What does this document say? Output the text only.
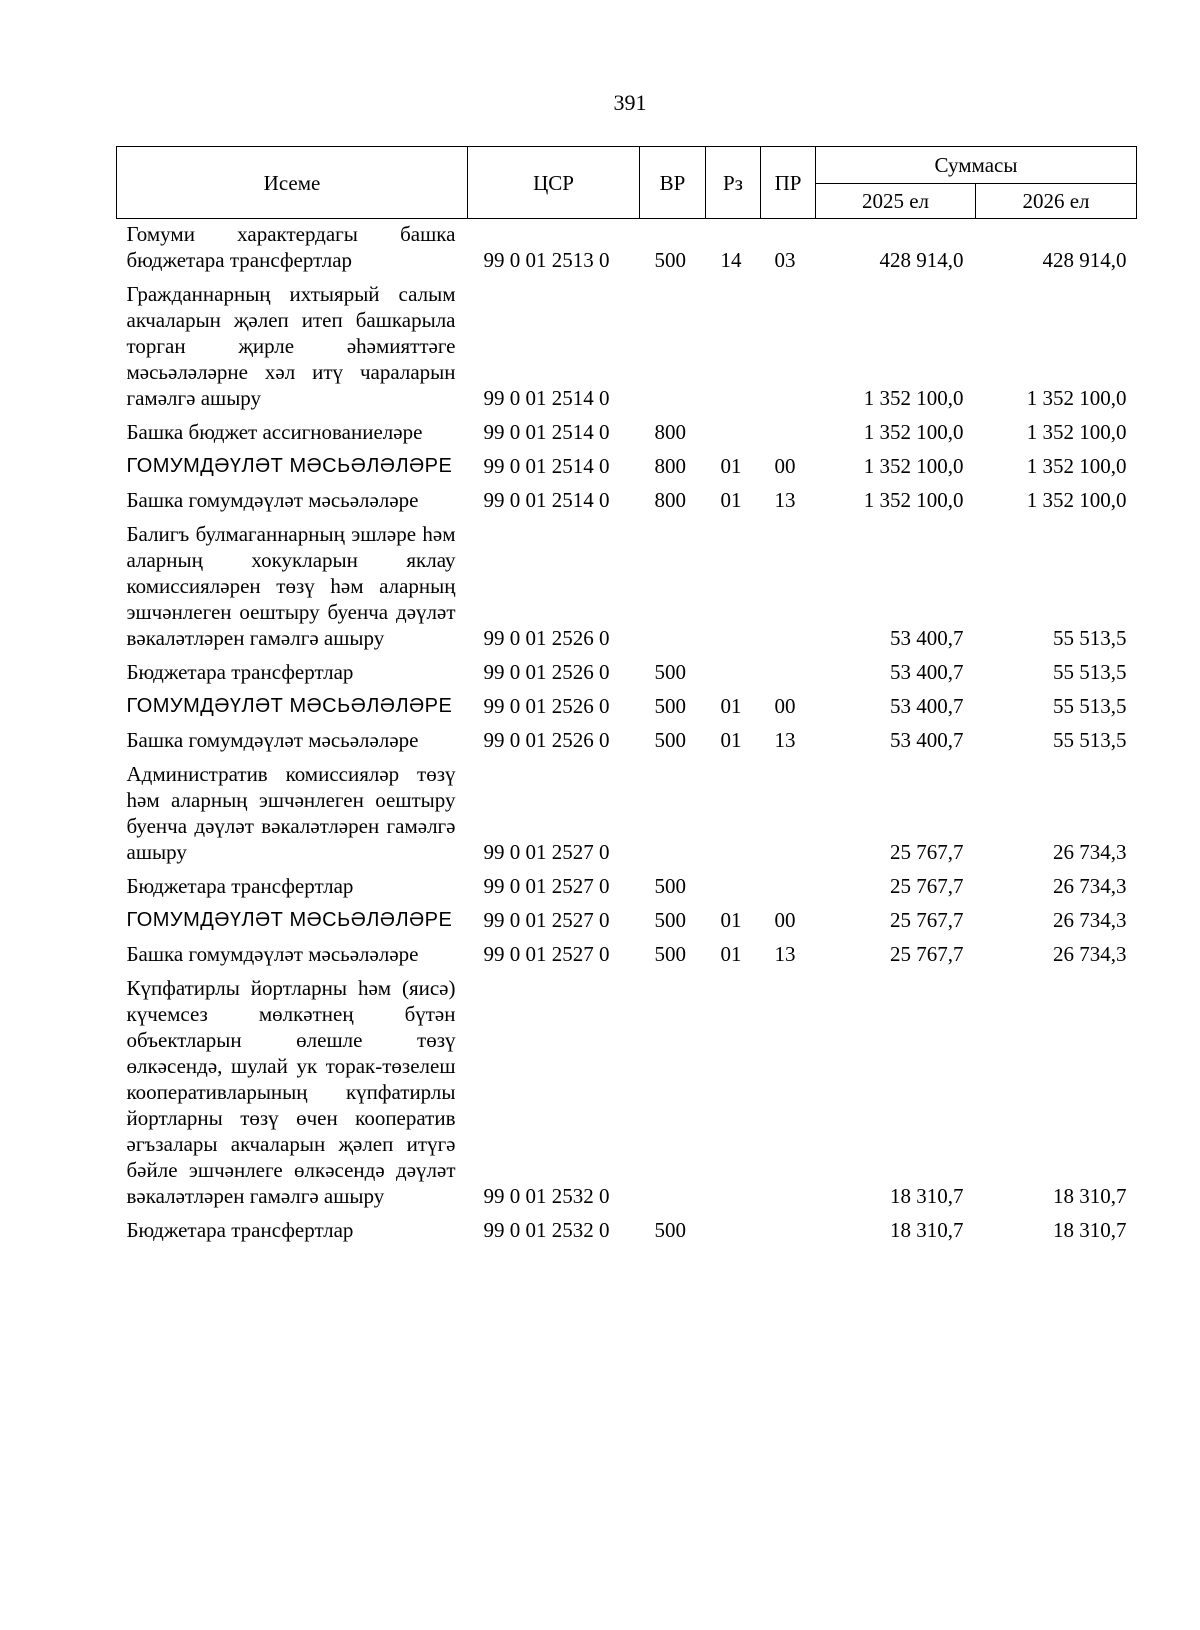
391
Исеме	ЦСР	ВР	Рз	ПР	Суммасы	
					2025 ел	2026 ел
Гомуми характердагы башка бюджетара трансфертлар	99 0 01 2513 0	500	14	03	428 914,0	428 914,0
Гражданнарның ихтыярый салым акчаларын җәлеп итеп башкарыла торган җирле әһәмияттәге мәсьәләләрне хәл итү чараларын гамәлгә ашыру	99 0 01 2514 0				1 352 100,0	1 352 100,0
Башка бюджет ассигнованиеләре	99 0 01 2514 0	800			1 352 100,0	1 352 100,0
ГОМУМДӘҮЛӘТ МӘСЬӘЛӘЛӘРЕ	99 0 01 2514 0	800	01	00	1 352 100,0	1 352 100,0
Башка гомумдәүләт мәсьәләләре	99 0 01 2514 0	800	01	13	1 352 100,0	1 352 100,0
Балигъ булмаганнарның эшләре һәм аларның хокукларын яклау комиссияләрен төзү һәм аларның эшчәнлеген оештыру буенча дәүләт вәкаләтләрен гамәлгә ашыру	99 0 01 2526 0				53 400,7	55 513,5
Бюджетара трансфертлар	99 0 01 2526 0	500			53 400,7	55 513,5
ГОМУМДӘҮЛӘТ МӘСЬӘЛӘЛӘРЕ	99 0 01 2526 0	500	01	00	53 400,7	55 513,5
Башка гомумдәүләт мәсьәләләре	99 0 01 2526 0	500	01	13	53 400,7	55 513,5
Административ комиссияләр төзү һәм аларның эшчәнлеген оештыру буенча дәүләт вәкаләтләрен гамәлгә ашыру	99 0 01 2527 0				25 767,7	26 734,3
Бюджетара трансфертлар	99 0 01 2527 0	500			25 767,7	26 734,3
ГОМУМДӘҮЛӘТ МӘСЬӘЛӘЛӘРЕ	99 0 01 2527 0	500	01	00	25 767,7	26 734,3
Башка гомумдәүләт мәсьәләләре	99 0 01 2527 0	500	01	13	25 767,7	26 734,3
Күпфатирлы йортларны һәм (яисә) күчемсез мөлкәтнең бүтән объектларын өлешле төзү өлкәсендә, шулай ук торак-төзелеш кооперативларының күпфатирлы йортларны төзү өчен кооператив әгъзалары акчаларын җәлеп итүгә бәйле эшчәнлеге өлкәсендә дәүләт вәкаләтләрен гамәлгә ашыру	99 0 01 2532 0				18 310,7	18 310,7
Бюджетара трансфертлар	99 0 01 2532 0	500			18 310,7	18 310,7
